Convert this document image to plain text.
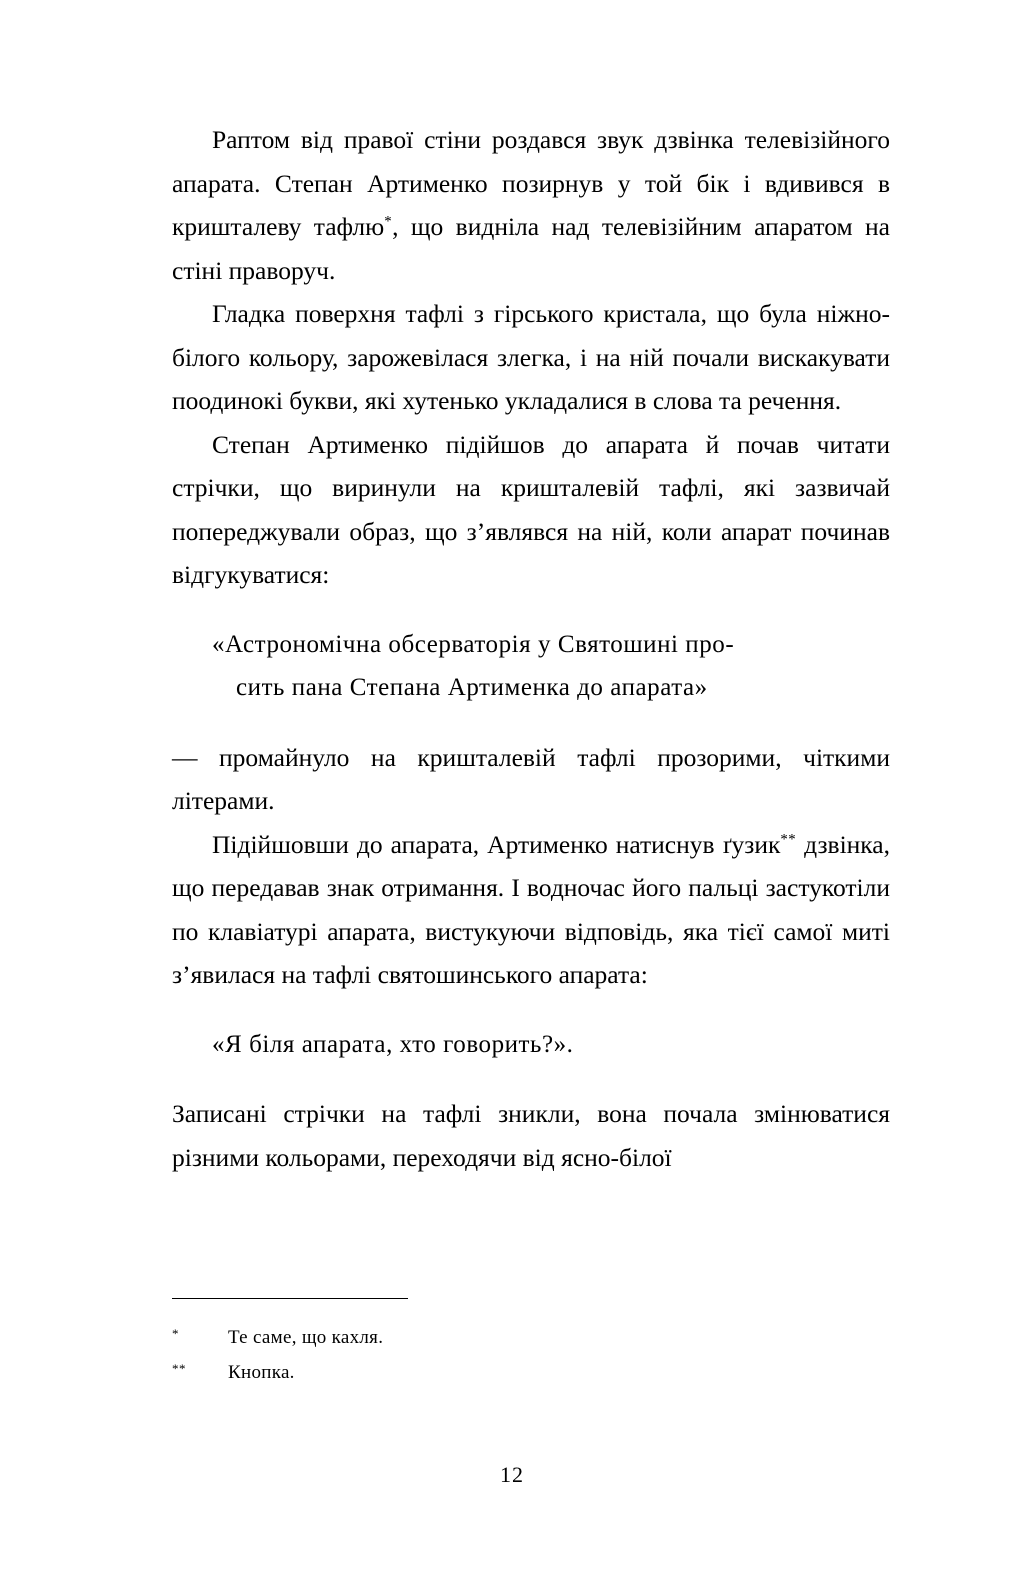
Раптом від правої стіни роздався звук дзвінка телевізійного апарата. Степан Артименко позирнув у той бік і вдивився в кришталеву тафлю*, що видніла над телевізійним апаратом на стіні праворуч.

Гладка поверхня тафлі з гірського кристала, що була ніжно-білого кольору, зарожевілася злегка, і на ній почали вискакувати поодинокі букви, які хутенько укладалися в слова та речення.

Степан Артименко підійшов до апарата й почав читати стрічки, що виринули на кришталевій тафлі, які зазвичай попереджували образ, що з’являвся на ній, коли апарат починав відгукуватися:

«Астрономічна обсерваторія у Святошині про-
сить пана Степана Артименка до апарата»

— промайнуло на кришталевій тафлі прозорими, чіткими літерами.

Підійшовши до апарата, Артименко натиснув ґузик** дзвінка, що передавав знак отримання. І водночас його пальці застукотіли по клавіатурі апарата, вистукуючи відповідь, яка тієї самої миті з’явилася на тафлі святошинського апарата:

«Я біля апарата, хто говорить?».

Записані стрічки на тафлі зникли, вона почала змінюватися різними кольорами, переходячи від ясно-білої

*	Те саме, що кахля.
**	Кнопка.
12
